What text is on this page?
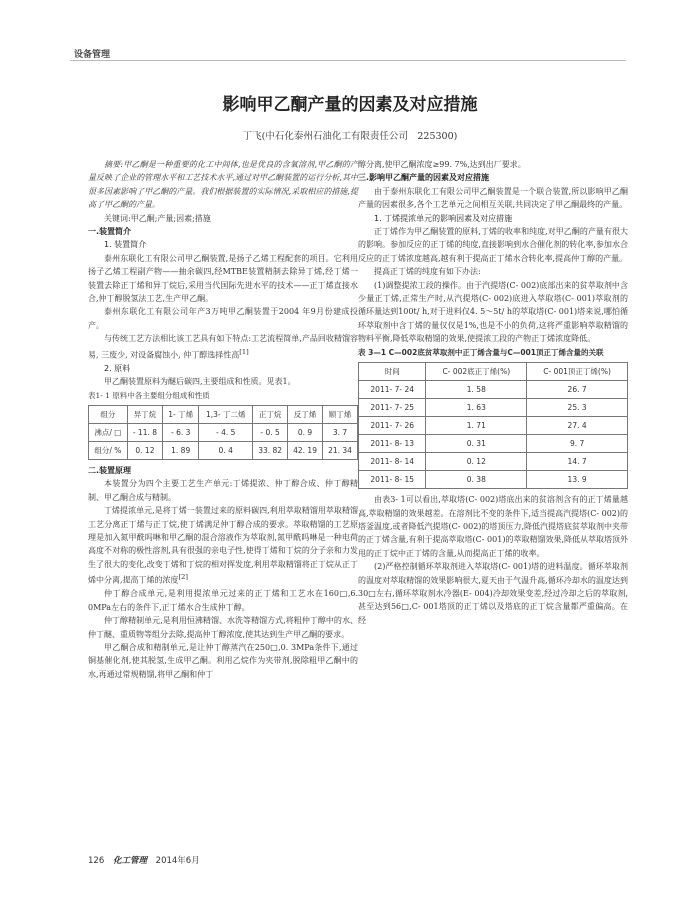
设备管理
影响甲乙酮产量的因素及对应措施
丁飞(中石化泰州石油化工有限责任公司　225300)

摘要:甲乙酮是一种重要的化工中间体,也是优良的含氧溶剂,甲乙酮的产量反映了企业的管理水平和工艺技术水平,通过对甲乙酮装置的运行分析,其中很多因素影响了甲乙酮的产量。我们根据装置的实际情况,采取相应的措施,提高了甲乙酮的产量。

关键词:甲乙酮;产量;因素;措施

一.装置简介

1. 装置简介

泰州东联化工有限公司甲乙酮装置,是扬子乙烯工程配套的项目。它利用扬子乙烯工程副产物——抽余碳四,经MTBE装置精制去除异丁烯,经丁烯一装置去除正丁烯和异丁烷后,采用当代国际先进水平的技术——正丁烯直接水合,仲丁醇脱氢法工艺,生产甲乙酮。

泰州东联化工有限公司年产3万吨甲乙酮装置于2004 年9月份建成投产。

与传统工艺方法相比该工艺具有如下特点:工艺流程简单,产品回收精馏容易, 三废少, 对设备腐蚀小, 仲丁醇选择性高[1]

2. 原料

甲乙酮装置原料为醚后碳四,主要组成和性质。见表1。

表1- 1 原料中各主要组分组成和性质

组分	异丁烷	1- 丁烯	1,3- 丁二烯	正丁烷	反丁烯	顺丁烯
沸点/ □	- 11. 8	- 6. 3	- 4. 5	- 0. 5	0. 9	3. 7
组分/ %	0. 12	1. 89	0. 4	33. 82	42. 19	21. 34

二.装置原理

本装置分为四个主要工艺生产单元:丁烯提浓、仲丁醇合成、仲丁醇精制、甲乙酮合成与精制。

丁烯提浓单元,是将丁烯一装置过来的原料碳四,利用萃取精馏用萃取精馏工艺分离正丁烯与正丁烷,使丁烯满足仲丁醇合成的要求。萃取精馏的工艺原理是加入氮甲酰吗啉和甲乙酮的混合溶液作为萃取剂,氮甲酰吗啉是一种电荷高度不对称的极性溶剂,具有很强的亲电子性,使得丁烯和丁烷的分子亲和力发生了很大的变化,改变丁烯和丁烷的相对挥发度,利用萃取精馏将正丁烷从正丁烯中分离,提高丁烯的浓度[2]

仲丁醇合成单元,是利用提浓单元过来的正丁烯和工艺水在160□,6. 0MPa左右的条件下,正丁烯水合生成仲丁醇。

仲丁醇精制单元,是利用恒沸精馏、水洗等精馏方式,将粗仲丁醇中的水、仲丁醚、重质物等组分去除,提高仲丁醇浓度,使其达到生产甲乙酮的要求。

甲乙酮合成和精制单元,是让仲丁醇蒸汽在250□,0. 3MPa条件下,通过铜基催化剂,使其脱氢,生成甲乙酮。利用乙烷作为夹带剂,脱除粗甲乙酮中的水,再通过常规精馏,将甲乙酮和仲丁

醇分离,使甲乙酮浓度≥99. 7%,达到出厂要求。

三.影响甲乙酮产量的因素及对应措施

由于泰州东联化工有限公司甲乙酮装置是一个联合装置,所以影响甲乙酮产量的因素很多,各个工艺单元之间相互关联,共同决定了甲乙酮最终的产量。

1. 丁烯提浓单元的影响因素及对应措施

正丁烯作为甲乙酮装置的原料,丁烯的收率和纯度,对甲乙酮的产量有很大的影响。参加反应的正丁烯的纯度,直接影响到水合催化剂的转化率,参加水合反应的正丁烯浓度越高,越有利于提高正丁烯水合转化率,提高仲丁醇的产量。

提高正丁烯的纯度有如下办法:

(1)调整提浓工段的操作。由于汽提塔(C- 002)底部出来的贫萃取剂中含少量正丁烯,正常生产时,从汽提塔(C- 002)底进入萃取塔(C- 001)萃取剂的循环量达到100t/ h,对于进料仅4. 5～5t/ h的萃取塔(C- 001)塔来说,哪怕循环萃取剂中含丁烯的量仅仅是1%,也是不小的负荷,这将严重影响萃取精馏的物料平衡,降低萃取精馏的效果,使提浓工段的产物正丁烯浓度降低。

表 3—1 C—002底贫萃取剂中正丁烯含量与C—001顶正丁烯含量的关联

时间	C- 002底正丁烯(%)	C- 001顶正丁烯(%)
2011- 7- 24	1. 58	26. 7
2011- 7- 25	1. 63	25. 3
2011- 7- 26	1. 71	27. 4
2011- 8- 13	0. 31	9. 7
2011- 8- 14	0. 12	14. 7
2011- 8- 15	0. 38	13. 9

由表3- 1可以看出,萃取塔(C- 002)塔底出来的贫溶剂含有的正丁烯量越高,萃取精馏的效果越差。在溶剂比不变的条件下,适当提高汽提塔(C- 002)的塔釜温度,或者降低汽提塔(C- 002)的塔顶压力,降低汽提塔底贫萃取剂中夹带的正丁烯含量,有利于提高萃取塔(C- 001)的萃取精馏效果,降低从萃取塔顶外甩的正丁烷中正丁烯的含量,从而提高正丁烯的收率。

(2)严格控制循环萃取剂进入萃取塔(C- 001)塔的进料温度。循环萃取剂的温度对萃取精馏的效果影响很大,夏天由于气温升高,循环冷却水的温度达到30□左右,循环萃取剂水冷器(E- 004)冷却效果变差,经过冷却之后的萃取剂,甚至达到56□,C- 001塔顶的正丁烯以及塔底的正丁烷含量都严重偏高。在经

126 化工管理 2014年6月
